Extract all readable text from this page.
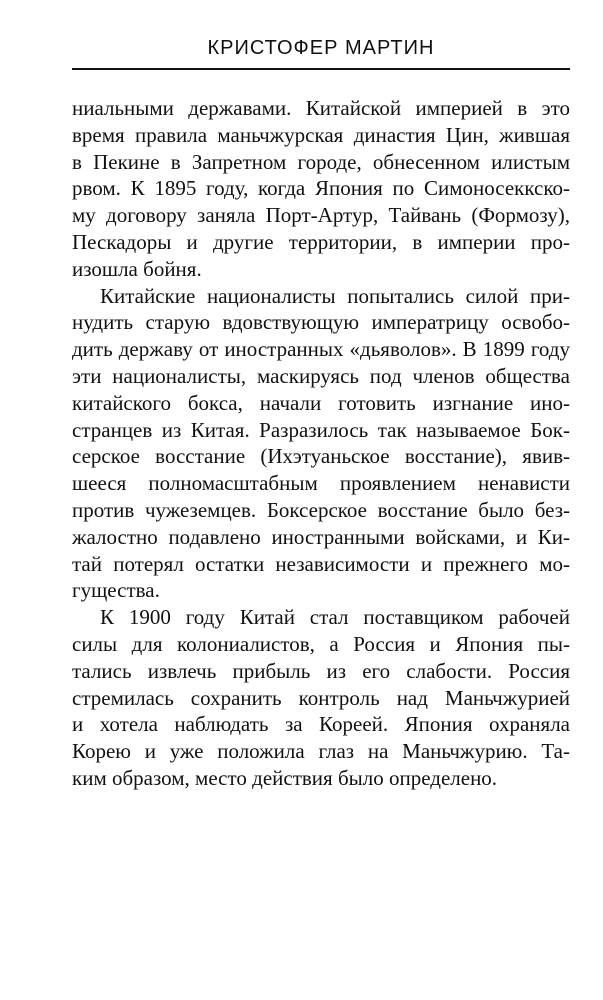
КРИСТОФЕР МАРТИН

ниальными державами. Китайской империей в это
время правила маньчжурская династия Цин, жившая
в Пекине в Запретном городе, обнесенном илистым
рвом. К 1895 году, когда Япония по Симоносеккско-
му договору заняла Порт-Артур, Тайвань (Формозу),
Пескадоры и другие территории, в империи про-
изошла бойня.

Китайские националисты попытались силой при-
нудить старую вдовствующую императрицу освобо-
дить державу от иностранных «дьяволов». В 1899 году
эти националисты, маскируясь под членов общества
китайского бокса, начали готовить изгнание ино-
странцев из Китая. Разразилось так называемое Бок-
серское восстание (Ихэтуаньское восстание), явив-
шееся полномасштабным проявлением ненависти
против чужеземцев. Боксерское восстание было без-
жалостно подавлено иностранными войсками, и Ки-
тай потерял остатки независимости и прежнего мо-
гущества.

К 1900 году Китай стал поставщиком рабочей
силы для колониалистов, а Россия и Япония пы-
тались извлечь прибыль из его слабости. Россия
стремилась сохранить контроль над Маньчжурией
и хотела наблюдать за Кореей. Япония охраняла
Корею и уже положила глаз на Маньчжурию. Та-
ким образом, место действия было определено.
